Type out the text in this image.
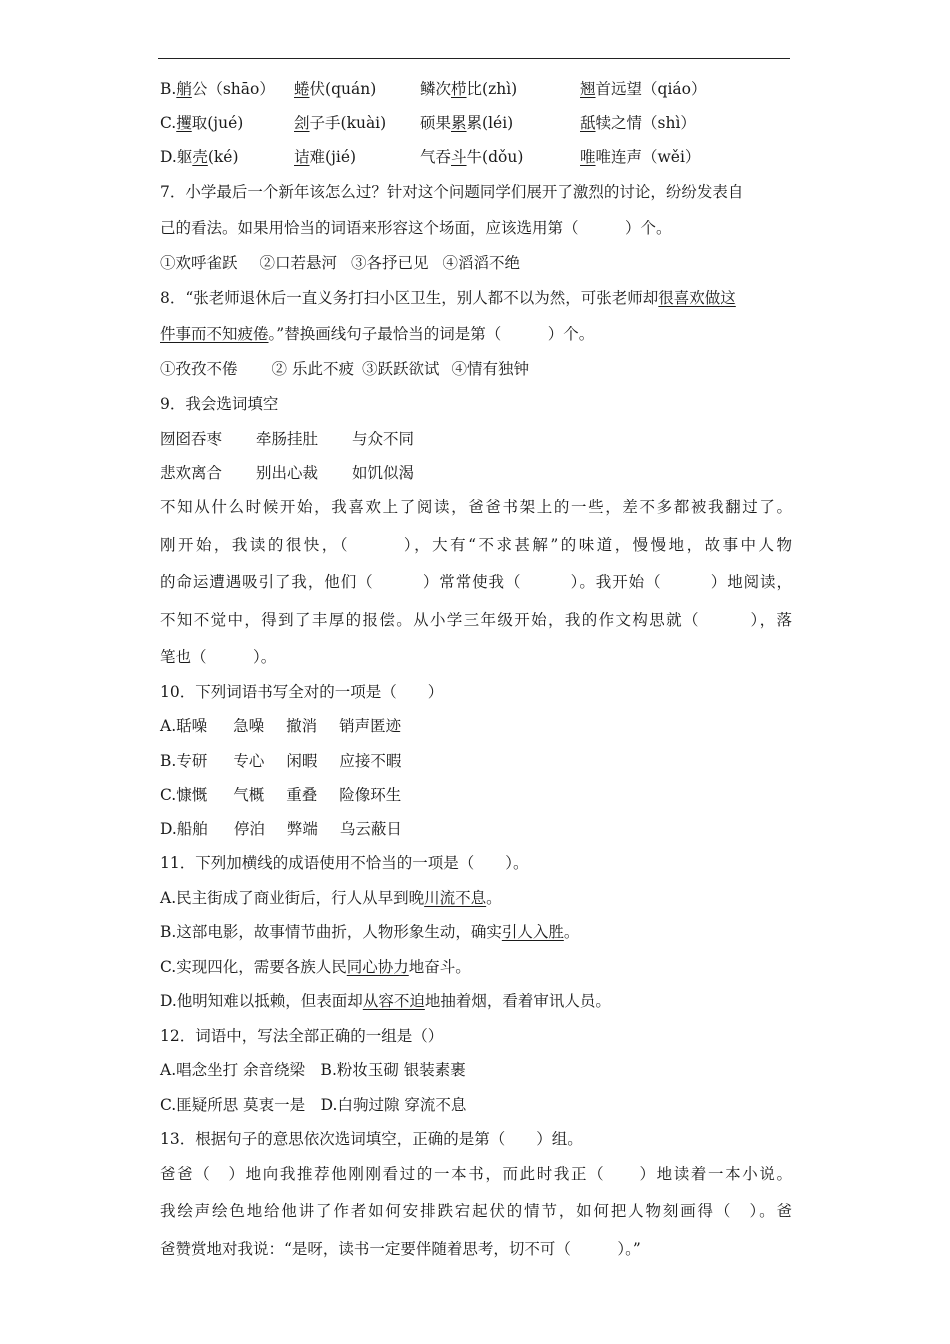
B.艄公（shāo） 蜷伏(quán)	鳞次栉比(zhì)	翘首远望（qiáo）
C.攫取(jué)	刽子手(kuài) 硕果累累(léi)	舐犊之情（shì）
D.躯壳(ké)	诘难(jié)	气吞斗牛(dǒu)	唯唯连声（wěi）
7．小学最后一个新年该怎么过？针对这个问题同学们展开了激烈的讨论，纷纷发表自
己的看法。如果用恰当的词语来形容这个场面，应该选用第（　　　）个。
①欢呼雀跃 ②口若悬河 ③各抒已见 ④滔滔不绝
8．“张老师退休后一直义务打扫小区卫生，别人都不以为然，可张老师却很喜欢做这
件事而不知疲倦。”替换画线句子最恰当的词是第（　　　）个。
①孜孜不倦 ② 乐此不疲 ③跃跃欲试 ④情有独钟
9．我会选词填空
囫囵吞枣 牵肠挂肚 与众不同
悲欢离合 别出心裁 如饥似渴
不知从什么时候开始，我喜欢上了阅读，爸爸书架上的一些，差不多都被我翻过了。
刚开始，我读的很快，（　　　），大有“不求甚解”的味道，慢慢地，故事中人物
的命运遭遇吸引了我，他们（　　　）常常使我（　　　）。我开始（　　　）地阅读，
不知不觉中，得到了丰厚的报偿。从小学三年级开始，我的作文构思就（　　　），落
笔也（　　　）。
10．下列词语书写全对的一项是（　　）
A.聒噪 急噪 撤消 销声匿迹
B.专研 专心 闲暇 应接不暇
C.慷慨 气概 重叠 险像环生
D.船舶 停泊 弊端 乌云蔽日
11．下列加横线的成语使用不恰当的一项是（　　）。
A.民主街成了商业街后，行人从早到晚川流不息。
B.这部电影，故事情节曲折，人物形象生动，确实引人入胜。
C.实现四化，需要各族人民同心协力地奋斗。
D.他明知难以抵赖，但表面却从容不迫地抽着烟，看着审讯人员。
12．词语中，写法全部正确的一组是（）
A.唱念坐打 余音绕梁　B.粉妆玉砌 银装素裹
C.匪疑所思 莫衷一是　D.白驹过隙 穿流不息
13．根据句子的意思依次选词填空，正确的是第（　　）组。
爸爸（　）地向我推荐他刚刚看过的一本书，而此时我正（　　）地读着一本小说。
我绘声绘色地给他讲了作者如何安排跌宕起伏的情节，如何把人物刻画得（　）。爸
爸赞赏地对我说：“是呀，读书一定要伴随着思考，切不可（　　　）。”
